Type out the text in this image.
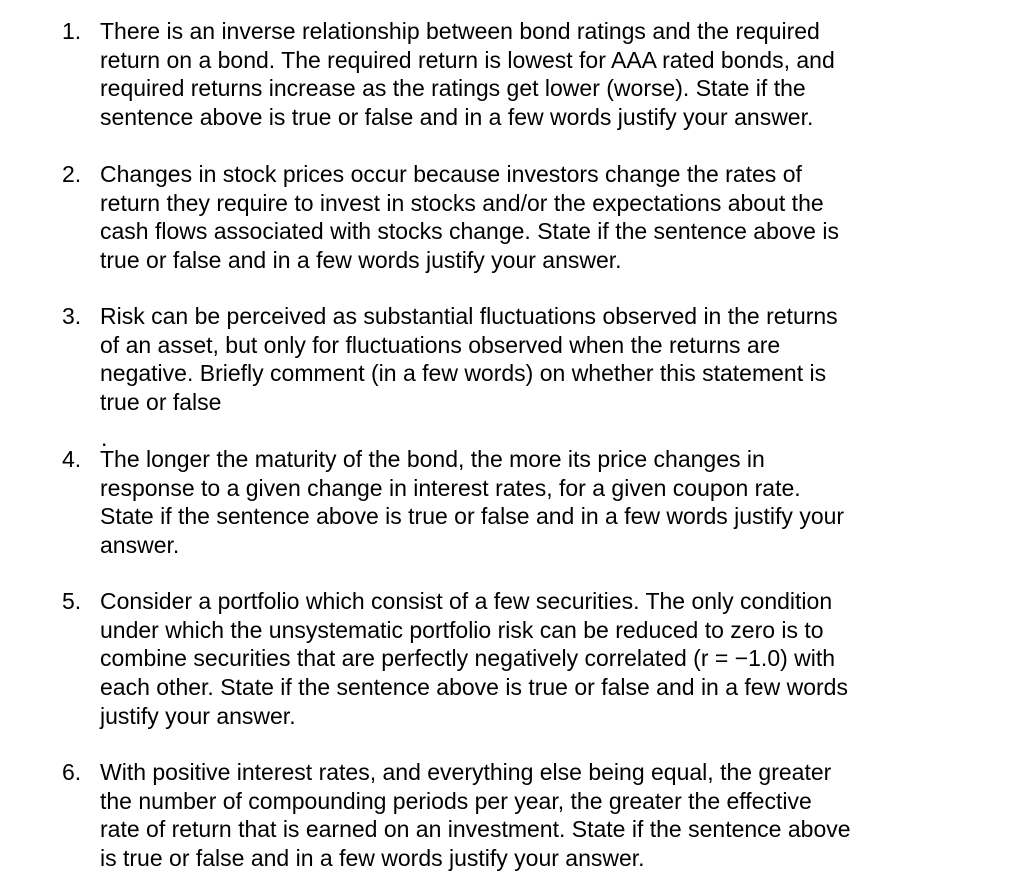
1. There is an inverse relationship between bond ratings and the required
return on a bond. The required return is lowest for AAA rated bonds, and
required returns increase as the ratings get lower (worse). State if the
sentence above is true or false and in a few words justify your answer.
2. Changes in stock prices occur because investors change the rates of
return they require to invest in stocks and/or the expectations about the
cash flows associated with stocks change. State if the sentence above is
true or false and in a few words justify your answer.
3. Risk can be perceived as substantial fluctuations observed in the returns
of an asset, but only for fluctuations observed when the returns are
negative. Briefly comment (in a few words) on whether this statement is
true or false
.
4. The longer the maturity of the bond, the more its price changes in
response to a given change in interest rates, for a given coupon rate.
State if the sentence above is true or false and in a few words justify your
answer.
5. Consider a portfolio which consist of a few securities. The only condition
under which the unsystematic portfolio risk can be reduced to zero is to
combine securities that are perfectly negatively correlated (r = −1.0) with
each other. State if the sentence above is true or false and in a few words
justify your answer.
6. With positive interest rates, and everything else being equal, the greater
the number of compounding periods per year, the greater the effective
rate of return that is earned on an investment. State if the sentence above
is true or false and in a few words justify your answer.
